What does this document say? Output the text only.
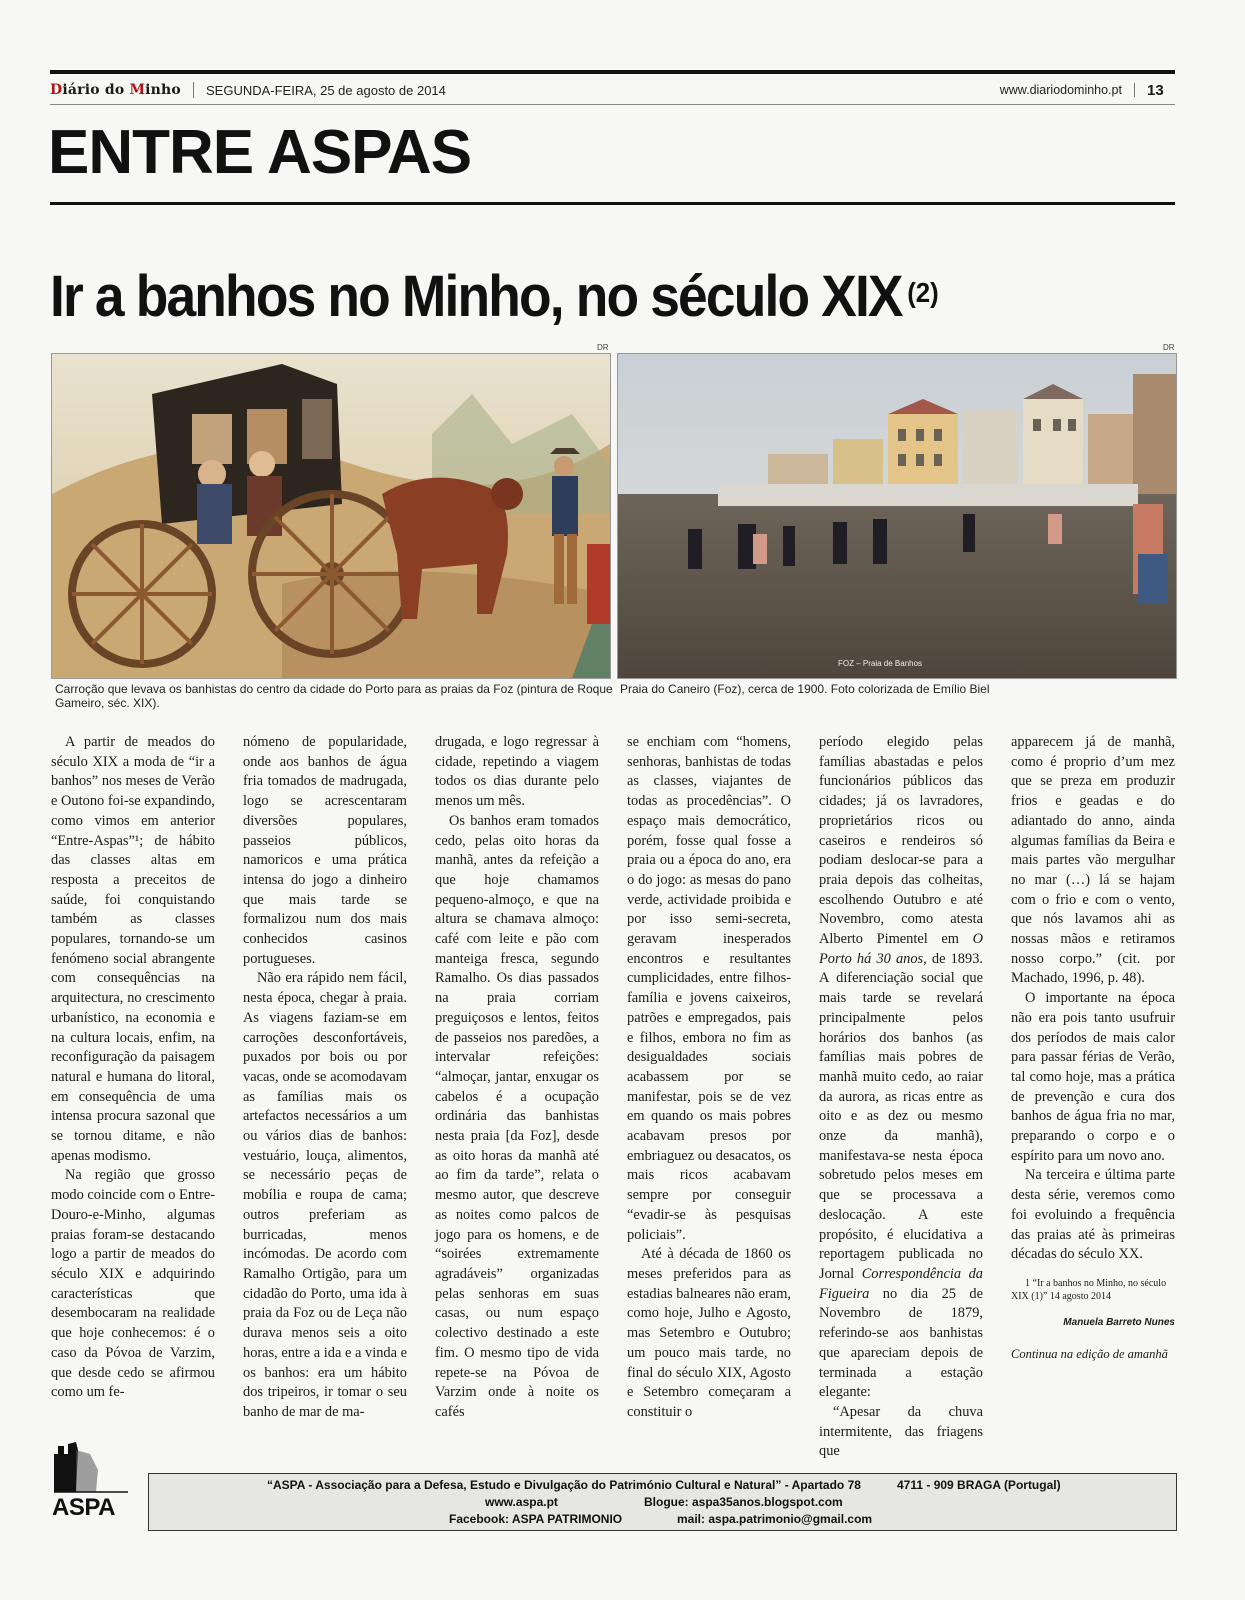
Diário do Minho	SEGUNDA-FEIRA, 25 de agosto de 2014	www.diariodominho.pt	13
ENTRE ASPAS
Ir a banhos no Minho, no século XIX $^{(2)}$
DR
Carroção que levava os banhistas do centro da cidade do Porto para as praias da Foz (pintura de Roque Gameiro, séc. XIX).
DR
FOZ – Praia de Banhos
Praia do Caneiro (Foz), cerca de 1900. Foto colorizada de Emílio Biel

A partir de meados do século XIX a moda de “ir a banhos” nos meses de Verão e Outono foi-se expandindo, como vimos em anterior “Entre-Aspas”¹; de hábito das classes altas em resposta a preceitos de saúde, foi conquistando também as classes populares, tornando-se um fenómeno social abrangente com consequências na arquitectura, no crescimento urbanístico, na economia e na cultura locais, enfim, na reconfiguração da paisagem natural e humana do litoral, em consequência de uma intensa procura sazonal que se tornou ditame, e não apenas modismo.

Na região que grosso modo coincide com o Entre-Douro-e-Minho, algumas praias foram-se destacando logo a partir de meados do século XIX e adquirindo características que desembocaram na realidade que hoje conhecemos: é o caso da Póvoa de Varzim, que desde cedo se afirmou como um fe-

nómeno de popularidade, onde aos banhos de água fria tomados de madrugada, logo se acrescentaram diversões populares, passeios públicos, namoricos e uma prática intensa do jogo a dinheiro que mais tarde se formalizou num dos mais conhecidos casinos portugueses.

Não era rápido nem fácil, nesta época, chegar à praia. As viagens faziam-se em carroções desconfortáveis, puxados por bois ou por vacas, onde se acomodavam as famílias mais os artefactos necessários a um ou vários dias de banhos: vestuário, louça, alimentos, se necessário peças de mobília e roupa de cama; outros preferiam as burricadas, menos incómodas. De acordo com Ramalho Ortigão, para um cidadão do Porto, uma ida à praia da Foz ou de Leça não durava menos seis a oito horas, entre a ida e a vinda e os banhos: era um hábito dos tripeiros, ir tomar o seu banho de mar de ma-

drugada, e logo regressar à cidade, repetindo a viagem todos os dias durante pelo menos um mês.

Os banhos eram tomados cedo, pelas oito horas da manhã, antes da refeição a que hoje chamamos pequeno-almoço, e que na altura se chamava almoço: café com leite e pão com manteiga fresca, segundo Ramalho. Os dias passados na praia corriam preguiçosos e lentos, feitos de passeios nos paredões, a intervalar refeições: “almoçar, jantar, enxugar os cabelos é a ocupação ordinária das banhistas nesta praia [da Foz], desde as oito horas da manhã até ao fim da tarde”, relata o mesmo autor, que descreve as noites como palcos de jogo para os homens, e de “soirées extremamente agradáveis” organizadas pelas senhoras em suas casas, ou num espaço colectivo destinado a este fim. O mesmo tipo de vida repete-se na Póvoa de Varzim onde à noite os cafés

se enchiam com “homens, senhoras, banhistas de todas as classes, viajantes de todas as procedências”. O espaço mais democrático, porém, fosse qual fosse a praia ou a época do ano, era o do jogo: as mesas do pano verde, actividade proibida e por isso semi-secreta, geravam inesperados encontros e resultantes cumplicidades, entre filhos-família e jovens caixeiros, patrões e empregados, pais e filhos, embora no fim as desigualdades sociais acabassem por se manifestar, pois se de vez em quando os mais pobres acabavam presos por embriaguez ou desacatos, os mais ricos acabavam sempre por conseguir “evadir-se às pesquisas policiais”.

Até à década de 1860 os meses preferidos para as estadias balneares não eram, como hoje, Julho e Agosto, mas Setembro e Outubro; um pouco mais tarde, no final do século XIX, Agosto e Setembro começaram a constituir o

período elegido pelas famílias abastadas e pelos funcionários públicos das cidades; já os lavradores, proprietários ricos ou caseiros e rendeiros só podiam deslocar-se para a praia depois das colheitas, escolhendo Outubro e até Novembro, como atesta Alberto Pimentel em O Porto há 30 anos, de 1893. A diferenciação social que mais tarde se revelará principalmente pelos horários dos banhos (as famílias mais pobres de manhã muito cedo, ao raiar da aurora, as ricas entre as oito e as dez ou mesmo onze da manhã), manifestava-se nesta época sobretudo pelos meses em que se processava a deslocação. A este propósito, é elucidativa a reportagem publicada no Jornal Correspondência da Figueira no dia 25 de Novembro de 1879, referindo-se aos banhistas que apareciam depois de terminada a estação elegante:

“Apesar da chuva intermitente, das friagens que

apparecem já de manhã, como é proprio d’um mez que se preza em produzir frios e geadas e do adiantado do anno, ainda algumas famílias da Beira e mais partes vão mergulhar no mar (…) lá se hajam com o frio e com o vento, que nós lavamos ahi as nossas mãos e retiramos nosso corpo.” (cit. por Machado, 1996, p. 48).

O importante na época não era pois tanto usufruir dos períodos de mais calor para passar férias de Verão, tal como hoje, mas a prática de prevenção e cura dos banhos de água fria no mar, preparando o corpo e o espírito para um novo ano.

Na terceira e última parte desta série, veremos como foi evoluindo a frequência das praias até às primeiras décadas do século XX.

1 “Ir a banhos no Minho, no século XIX (1)” 14 agosto 2014

Manuela Barreto Nunes

Continua na edição de amanhã

ASPA
“ASPA - Associação para a Defesa, Estudo e Divulgação do Património Cultural e Natural” - Apartado 78	4711 - 909 BRAGA (Portugal)
www.aspa.pt	Blogue: aspa35anos.blogspot.com
Facebook: ASPA PATRIMONIO	mail: aspa.patrimonio@gmail.com
